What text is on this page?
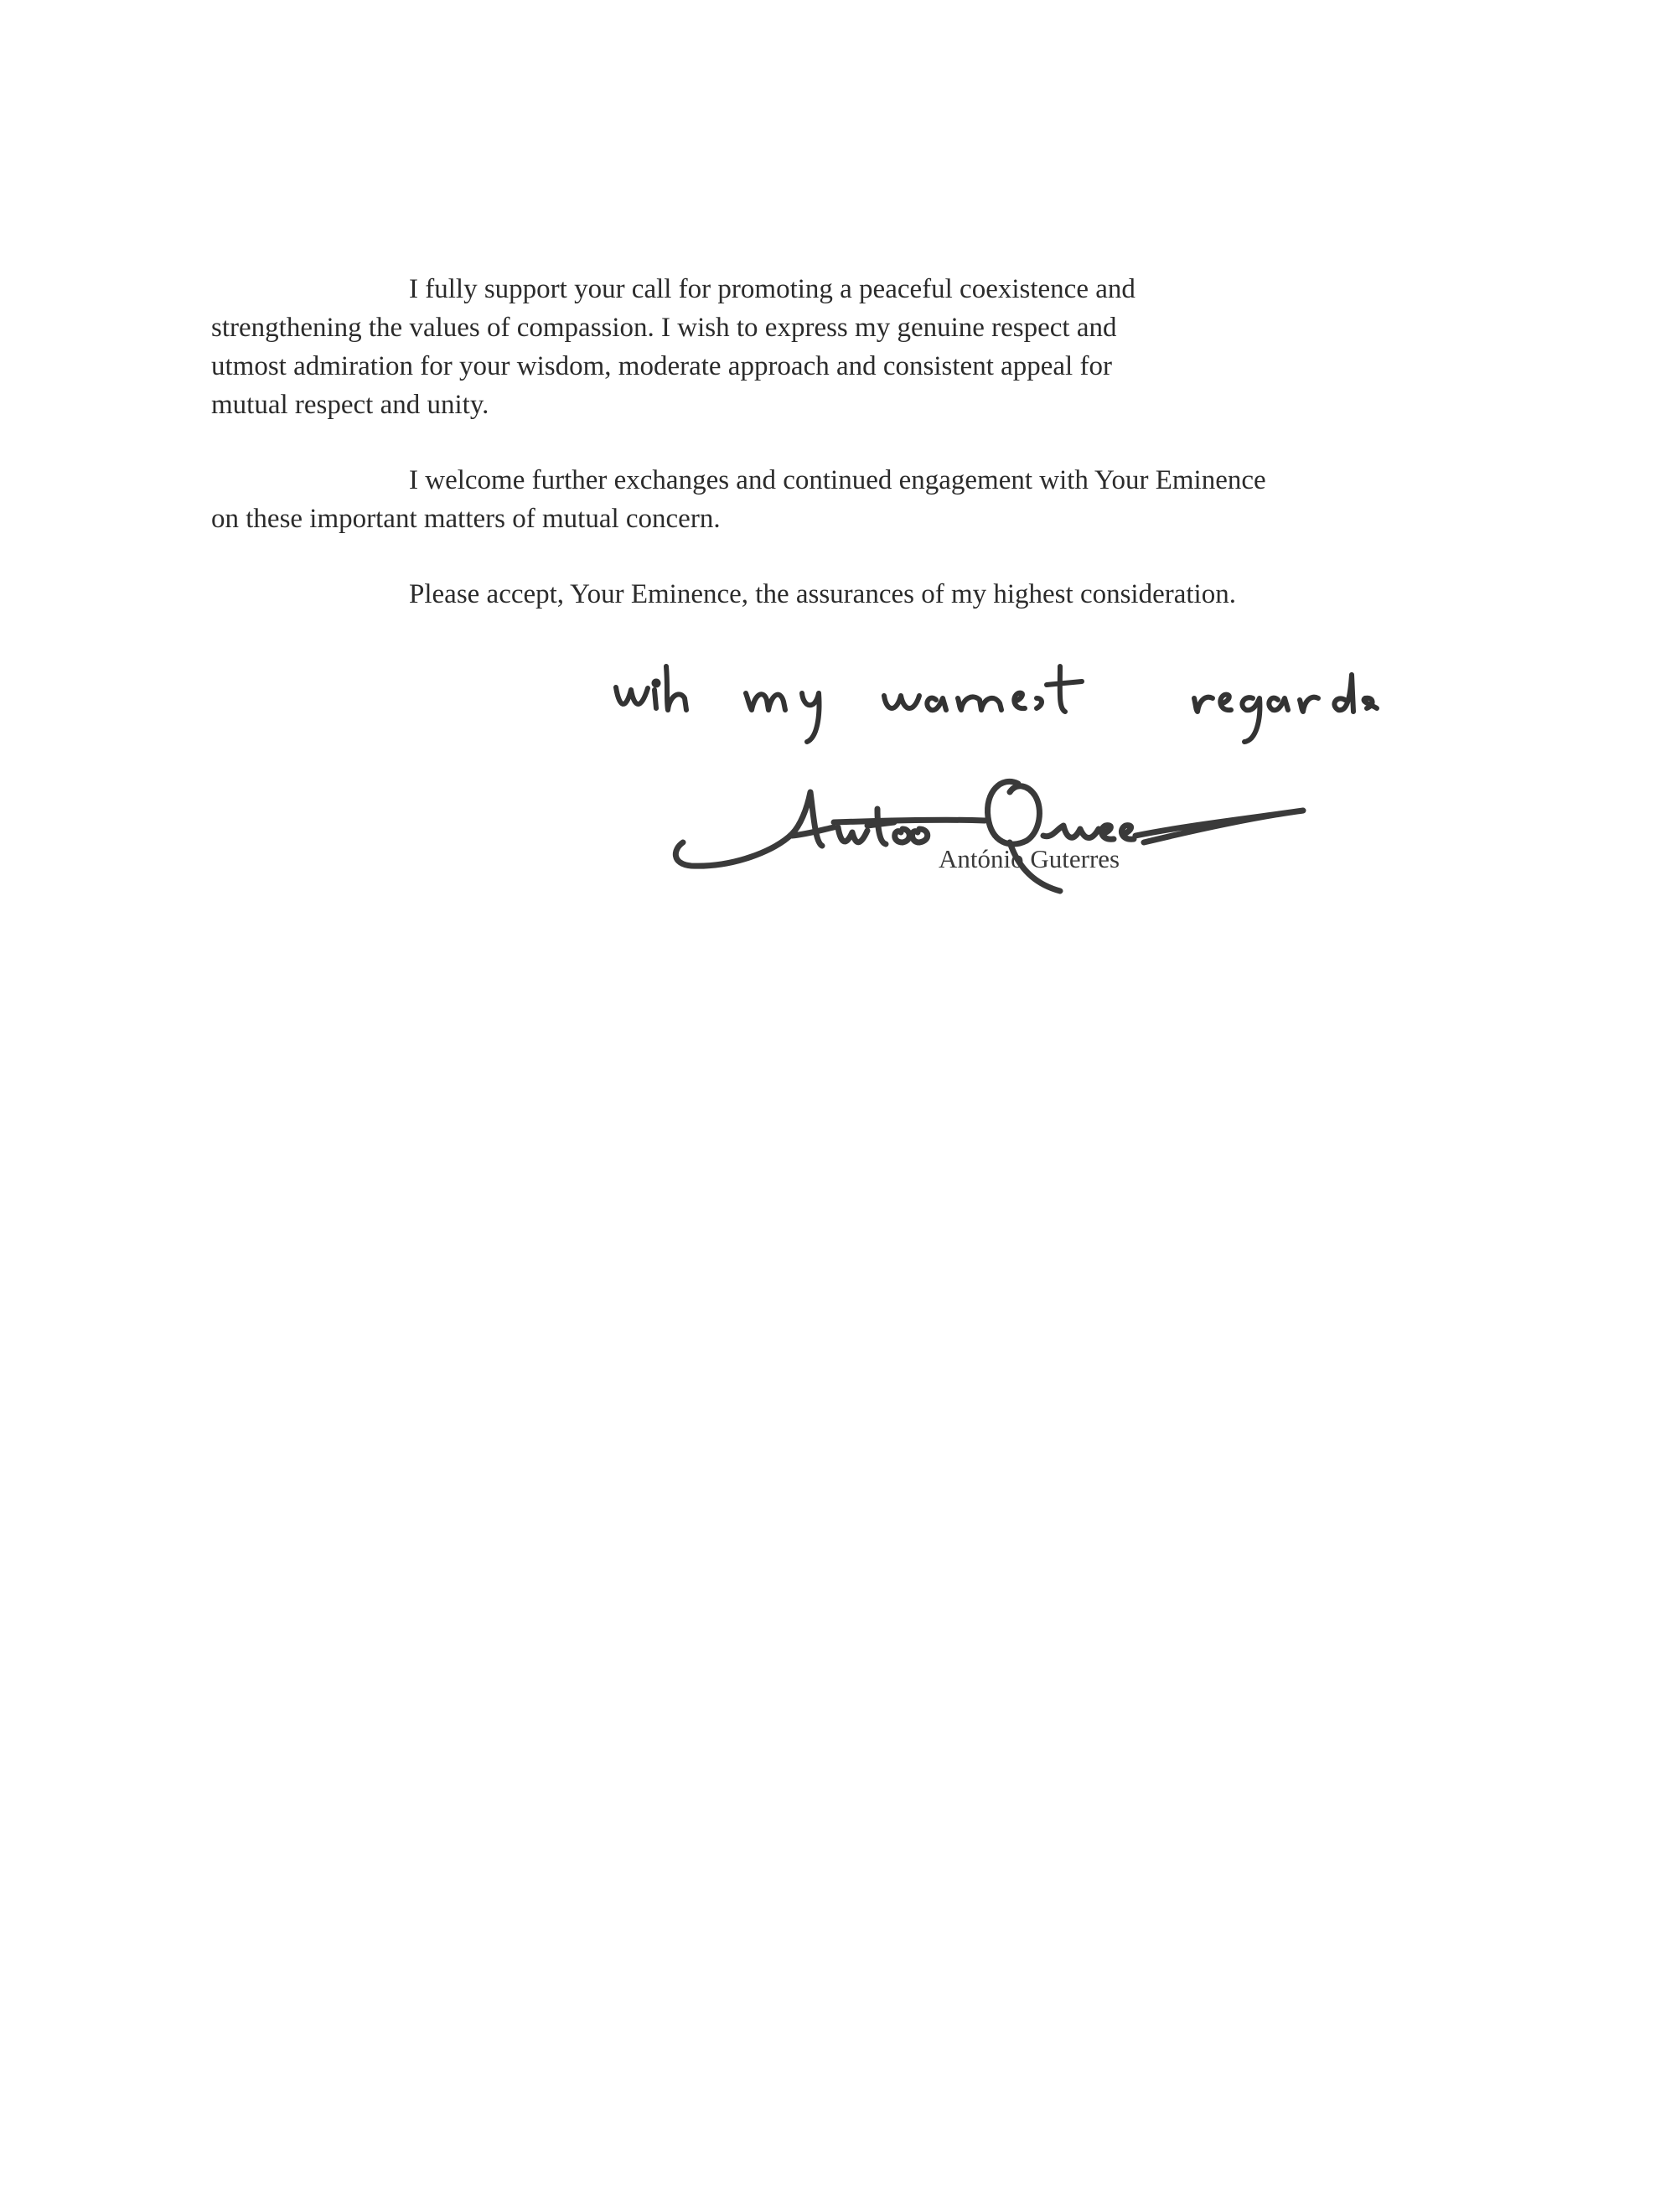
I fully support your call for promoting a peaceful coexistence and
strengthening the values of compassion. I wish to express my genuine respect and
utmost admiration for your wisdom, moderate approach and consistent appeal for
mutual respect and unity.

I welcome further exchanges and continued engagement with Your Eminence
on these important matters of mutual concern.

Please accept, Your Eminence, the assurances of my highest consideration.

António Guterres
